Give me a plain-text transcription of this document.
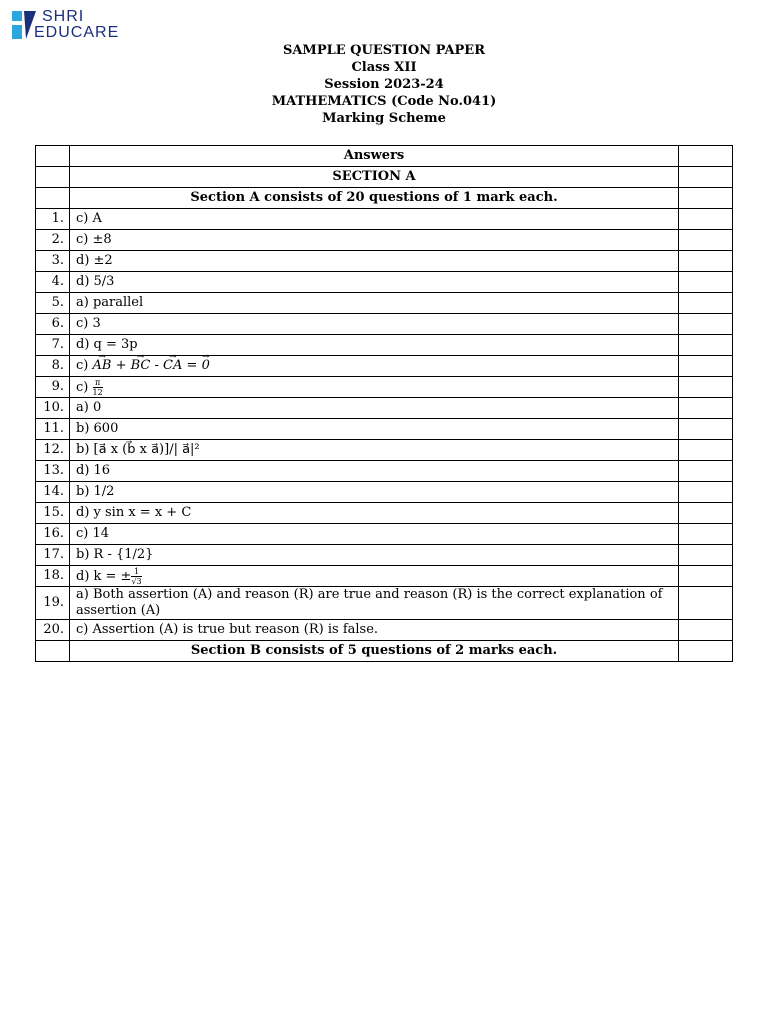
SHRI
EDUCARE
SAMPLE QUESTION PAPER
Class XII
Session 2023-24
MATHEMATICS (Code No.041)
Marking Scheme
	Answers	
	SECTION A	
	Section A consists of 20 questions of 1 mark each.	
1.	c) A	
2.	c) ±8	
3.	d) ±2	
4.	d) 5/3	
5.	a) parallel	
6.	c) 3	
7.	d) q = 3p	
8.	c) → AB + → BC - → CA = → 0	
9.	$c) \frac{\pi}{12}$

10.	a) 0	
11.	b) 600	
12.	b) [a⃗ x (b⃗ x a⃗)]/| a⃗|²	
13.	d) 16	
14.	b) 1/2	
15.	d) y sin x = x + C	
16.	c) 14	
17.	b) R - {1/2}	
18.	d) k = ± $\frac{1}{√3}$

19.	a) Both assertion (A) and reason (R) are true and reason (R) is the correct explanation of assertion (A)	
20.	c) Assertion (A) is true but reason (R) is false.	
	Section B consists of 5 questions of 2 marks each.	
